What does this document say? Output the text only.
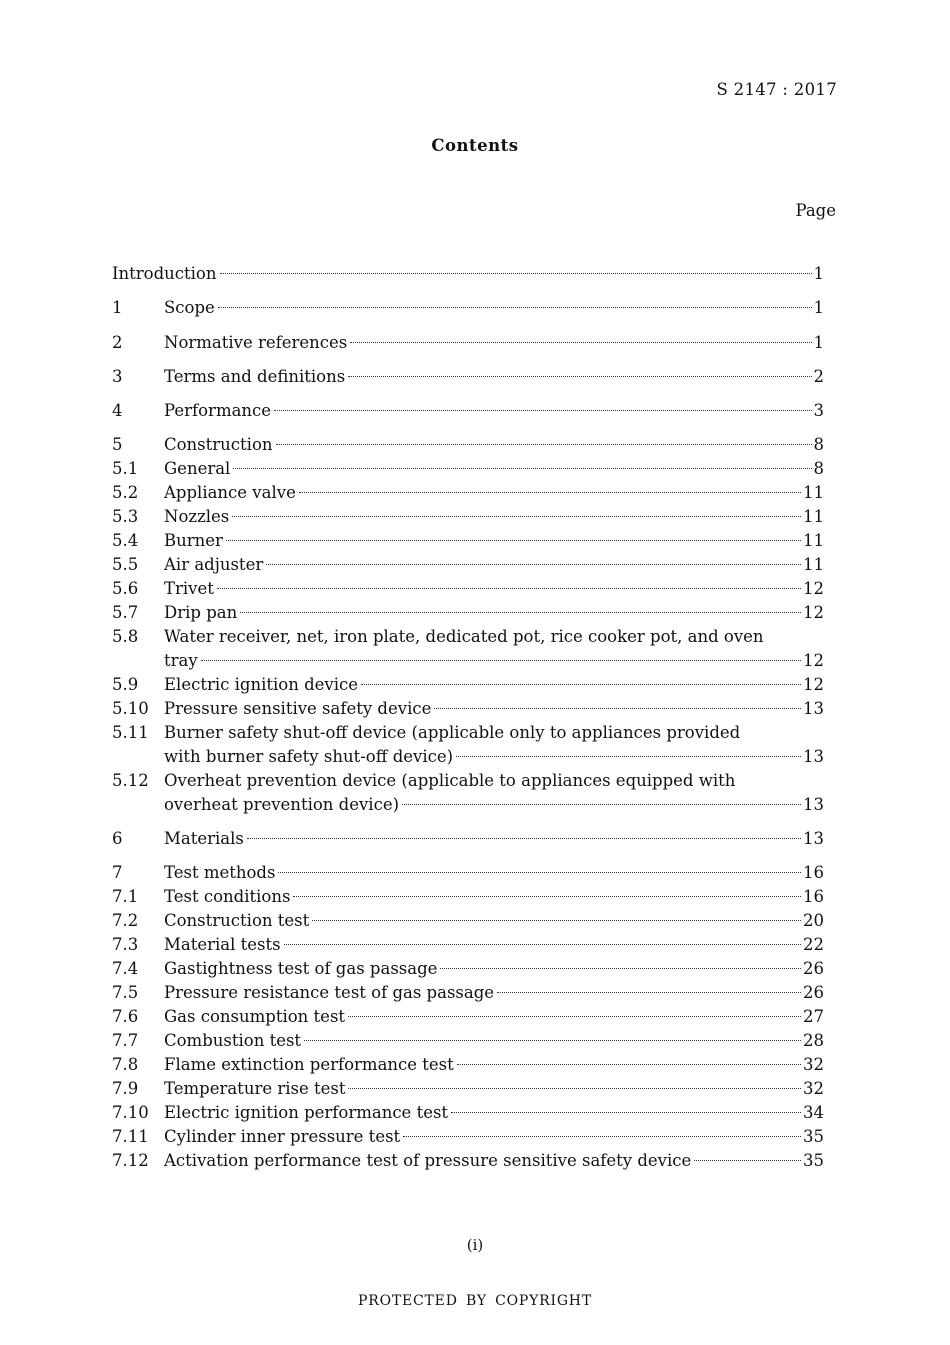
S 2147 : 2017
Contents
Page
Introduction	1
1	Scope	1
2	Normative references	1
3	Terms and definitions	2
4	Performance	3
5	Construction	8
5.1	General	8
5.2	Appliance valve	11
5.3	Nozzles	11
5.4	Burner	11
5.5	Air adjuster	11
5.6	Trivet	12
5.7	Drip pan	12
5.8	Water receiver, net, iron plate, dedicated pot, rice cooker pot, and oven
tray	12
5.9	Electric ignition device	12
5.10 Pressure sensitive safety device	13
5.11 Burner safety shut-off device (applicable only to appliances provided
with burner safety shut-off device)	13
5.12 Overheat prevention device (applicable to appliances equipped with
overheat prevention device)	13
6	Materials	13
7	Test methods	16
7.1	Test conditions	16
7.2	Construction test	20
7.3	Material tests	22
7.4	Gastightness test of gas passage	26
7.5	Pressure resistance test of gas passage	26
7.6	Gas consumption test	27
7.7	Combustion test	28
7.8	Flame extinction performance test	32
7.9	Temperature rise test	32
7.10 Electric ignition performance test	34
7.11 Cylinder inner pressure test	35
7.12 Activation performance test of pressure sensitive safety device	35
(i)
PROTECTED BY COPYRIGHT
